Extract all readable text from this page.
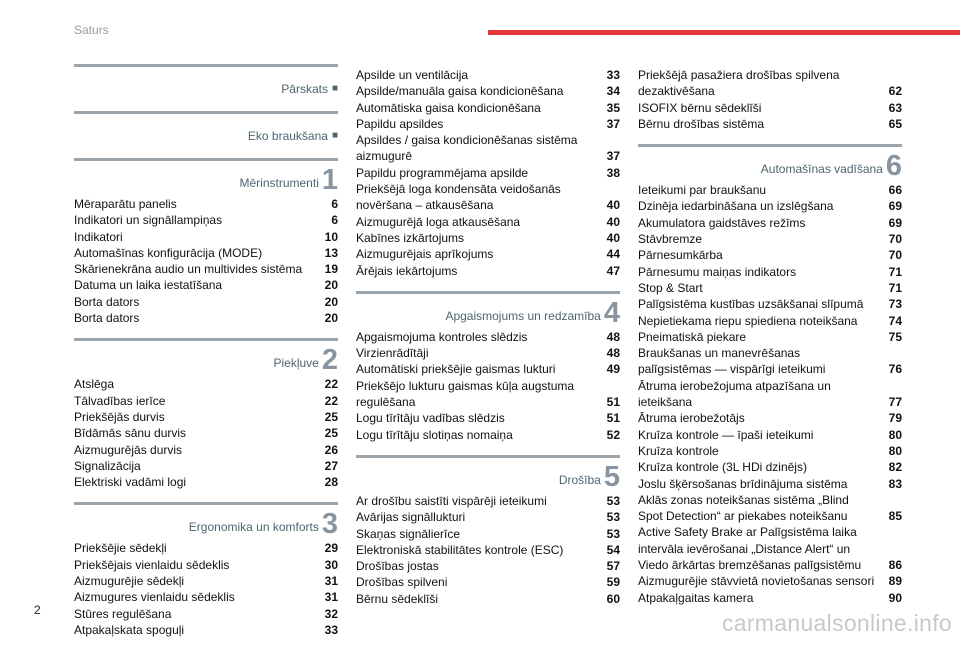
Saturs
Pārskats ■
Eko braukšana ■
Mērinstrumenti 1
Mēraparātu panelis	6
Indikatori un signāllampiņas	6
Indikatori	10
Automašīnas konfigurācija (MODE)	13
Skārienekrāna audio un multivides sistēma	19
Datuma un laika iestatīšana	20
Borta dators	20
Borta dators	20
Piekļuve 2
Atslēga	22
Tālvadības ierīce	22
Priekšējās durvis	25
Bīdāmās sānu durvis	25
Aizmugurējās durvis	26
Signalizācija	27
Elektriski vadāmi logi	28
Ergonomika un komforts 3
Priekšējie sēdekļi	29
Priekšējais vienlaidu sēdeklis	30
Aizmugurējie sēdekļi	31
Aizmugures vienlaidu sēdeklis	31
Stūres regulēšana	32
Atpakaļskata spoguļi	33
Apsilde un ventilācija	33
Apsilde/manuāla gaisa kondicionēšana	34
Automātiska gaisa kondicionēšana	35
Papildu apsildes	37
Apsildes / gaisa kondicionēšanas sistēma aizmugurē	37
Papildu programmējama apsilde	38
Priekšējā loga kondensāta veidošanās novēršana – atkausēšana	40
Aizmugurējā loga atkausēšana	40
Kabīnes izkārtojums	40
Aizmugurējais aprīkojums	44
Ārējais iekārtojums	47
Apgaismojums un redzamība 4
Apgaismojuma kontroles slēdzis	48
Virzienrādītāji	48
Automātiski priekšējie gaismas lukturi	49
Priekšējo lukturu gaismas kūļa augstuma regulēšana	51
Logu tīrītāju vadības slēdzis	51
Logu tīrītāju slotiņas nomaiņa	52
Drošība 5
Ar drošību saistīti vispārēji ieteikumi	53
Avārijas signāllukturi	53
Skaņas signālierīce	53
Elektroniskā stabilitātes kontrole (ESC)	54
Drošības jostas	57
Drošības spilveni	59
Bērnu sēdeklīši	60
Priekšējā pasažiera drošības spilvena dezaktivēšana	62
ISOFIX bērnu sēdeklīši	63
Bērnu drošības sistēma	65
Automašīnas vadīšana 6
Ieteikumi par braukšanu	66
Dzinēja iedarbināšana un izslēgšana	69
Akumulatora gaidstāves režīms	69
Stāvbremze	70
Pārnesumkārba	70
Pārnesumu maiņas indikators	71
Stop & Start	71
Palīgsistēma kustības uzsākšanai slīpumā	73
Nepietiekama riepu spiediena noteikšana	74
Pneimatiskā piekare	75
Braukšanas un manevrēšanas palīgsistēmas — vispārīgi ieteikumi	76
Ātruma ierobežojuma atpazīšana un ieteikšana	77
Ātruma ierobežotājs	79
Kruīza kontrole — īpaši ieteikumi	80
Kruīza kontrole	80
Kruīza kontrole (3L HDi dzinējs)	82
Joslu šķērsošanas brīdinājuma sistēma	83
Aklās zonas noteikšanas sistēma „Blind Spot Detection“ ar piekabes noteikšanu	85
Active Safety Brake ar Palīgsistēma laika intervāla ievērošanai „Distance Alert“ un Viedo ārkārtas bremzēšanas palīgsistēmu	86
Aizmugurējie stāvvietā novietošanas sensori	89
Atpakaļgaitas kamera	90
2	carmanualsonline.info
